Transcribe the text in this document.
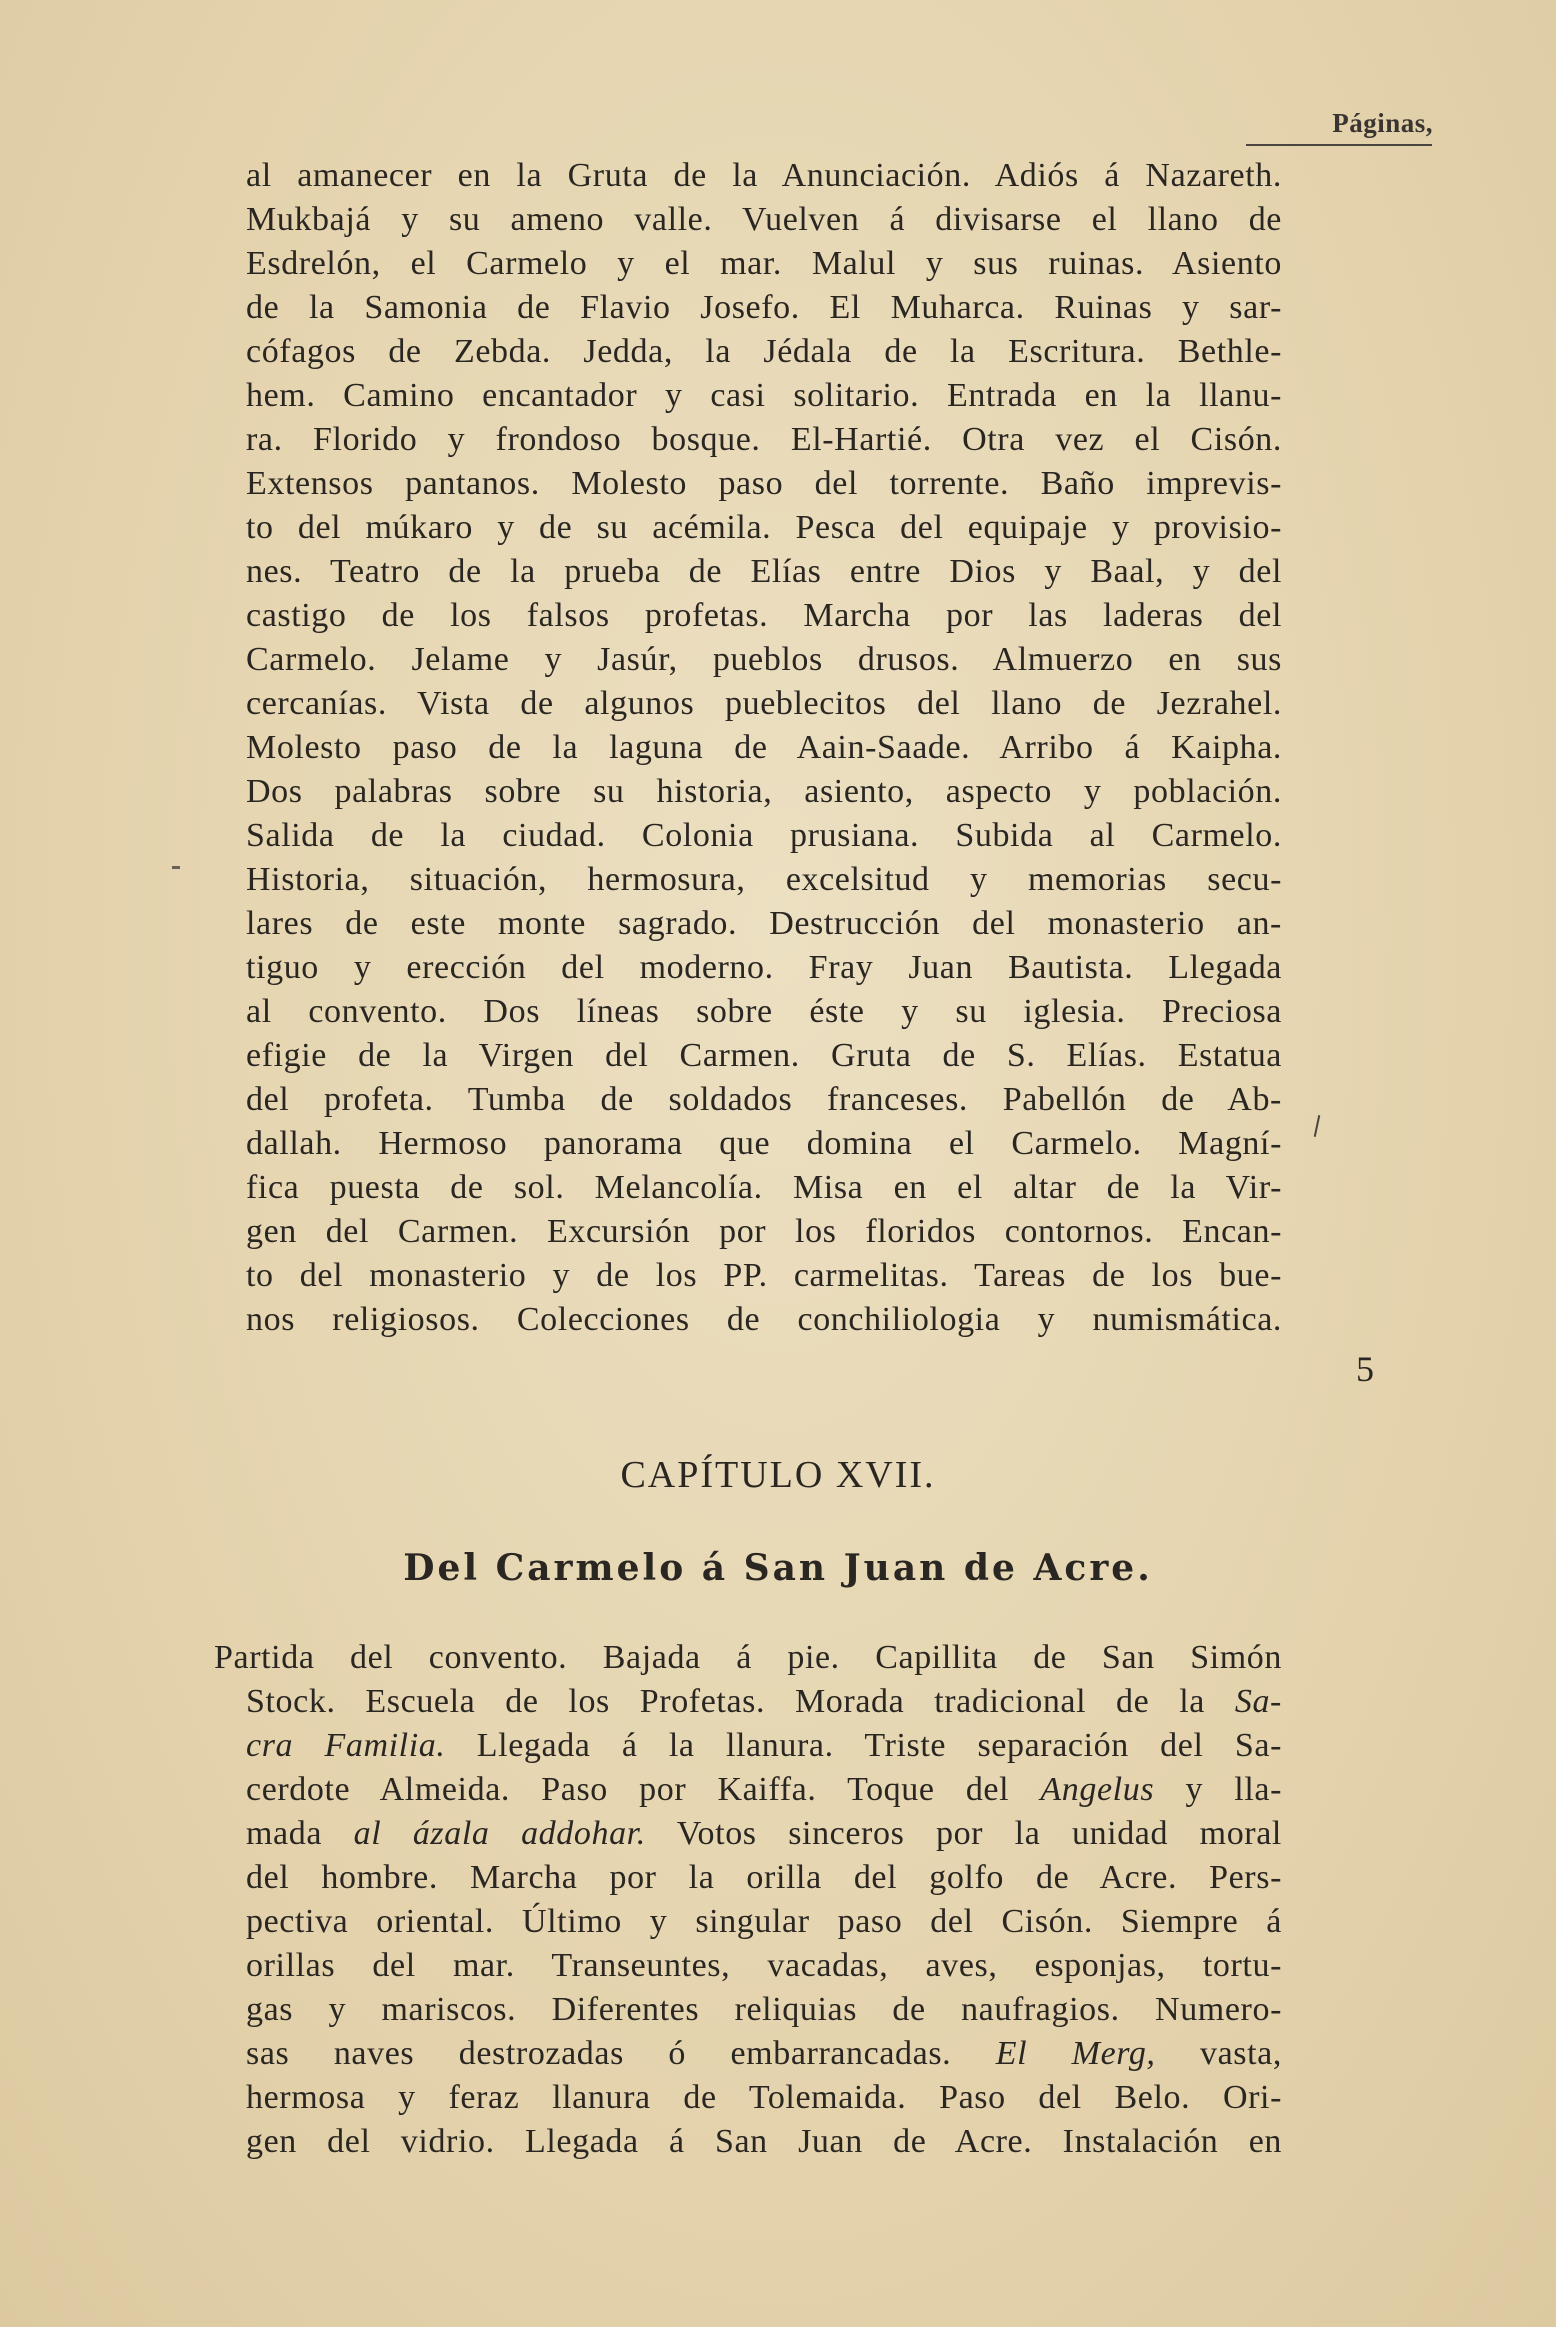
Páginas,

al amanecer en la Gruta de la Anunciación. Adiós á Nazareth.

Mukbajá y su ameno valle. Vuelven á divisarse el llano de

Esdrelón, el Carmelo y el mar. Malul y sus ruinas. Asiento

de la Samonia de Flavio Josefo. El Muharca. Ruinas y sar-

cófagos de Zebda. Jedda, la Jédala de la Escritura. Bethle-

hem. Camino encantador y casi solitario. Entrada en la llanu-

ra. Florido y frondoso bosque. El-Hartié. Otra vez el Cisón.

Extensos pantanos. Molesto paso del torrente. Baño imprevis-

to del múkaro y de su acémila. Pesca del equipaje y provisio-

nes. Teatro de la prueba de Elías entre Dios y Baal, y del

castigo de los falsos profetas. Marcha por las laderas del

Carmelo. Jelame y Jasúr, pueblos drusos. Almuerzo en sus

cercanías. Vista de algunos pueblecitos del llano de Jezrahel.

Molesto paso de la laguna de Aain-Saade. Arribo á Kaipha.

Dos palabras sobre su historia, asiento, aspecto y población.

Salida de la ciudad. Colonia prusiana. Subida al Carmelo.

Historia, situación, hermosura, excelsitud y memorias secu-

lares de este monte sagrado. Destrucción del monasterio an-

tiguo y erección del moderno. Fray Juan Bautista. Llegada

al convento. Dos líneas sobre éste y su iglesia. Preciosa

efigie de la Virgen del Carmen. Gruta de S. Elías. Estatua

del profeta. Tumba de soldados franceses. Pabellón de Ab-

dallah. Hermoso panorama que domina el Carmelo. Magní-

fica puesta de sol. Melancolía. Misa en el altar de la Vir-

gen del Carmen. Excursión por los floridos contornos. Encan-

to del monasterio y de los PP. carmelitas. Tareas de los bue-

nos religiosos. Colecciones de conchiliologia y numismática.

5
CAPÍTULO XVII.
Del Carmelo á San Juan de Acre.

Partida del convento. Bajada á pie. Capillita de San Simón

Stock. Escuela de los Profetas. Morada tradicional de la Sa-

cra Familia. Llegada á la llanura. Triste separación del Sa-

cerdote Almeida. Paso por Kaiffa. Toque del Angelus y lla-

mada al ázala addohar. Votos sinceros por la unidad moral

del hombre. Marcha por la orilla del golfo de Acre. Pers-

pectiva oriental. Último y singular paso del Cisón. Siempre á

orillas del mar. Transeuntes, vacadas, aves, esponjas, tortu-

gas y mariscos. Diferentes reliquias de naufragios. Numero-

sas naves destrozadas ó embarrancadas. El Merg, vasta,

hermosa y feraz llanura de Tolemaida. Paso del Belo. Ori-

gen del vidrio. Llegada á San Juan de Acre. Instalación en
